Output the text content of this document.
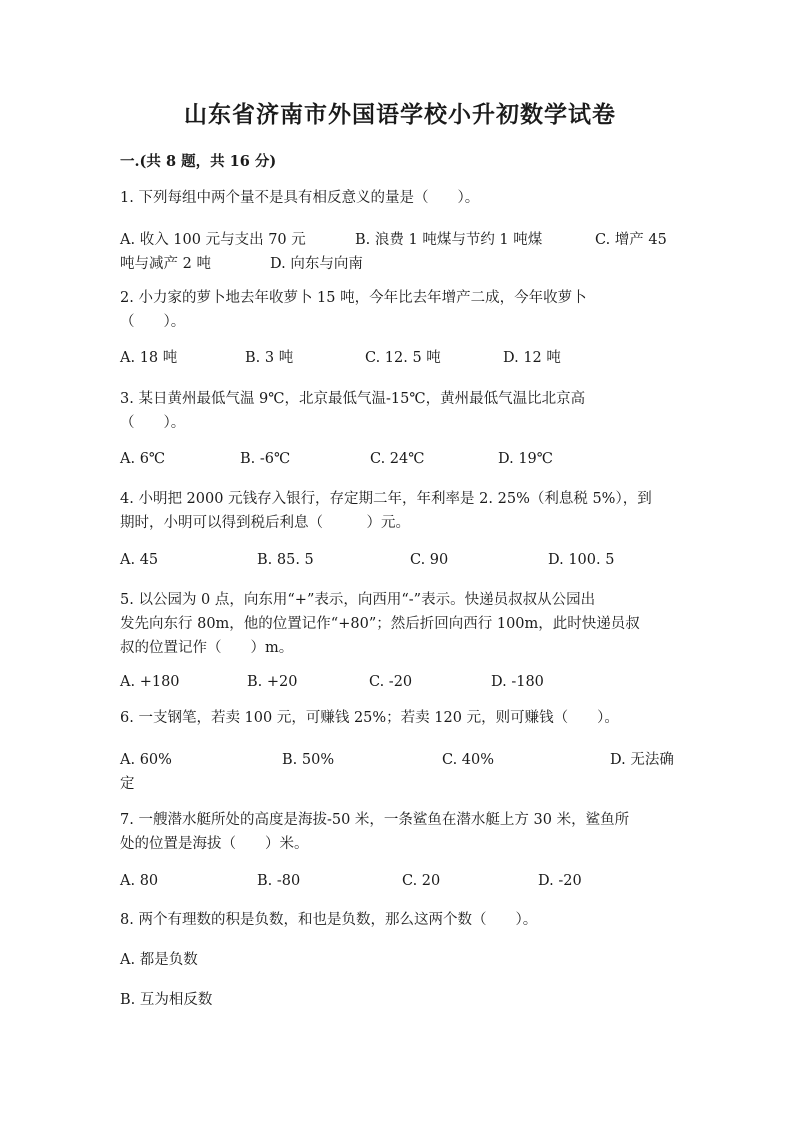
山东省济南市外国语学校小升初数学试卷
一.(共 8 题，共 16 分)
1. 下列每组中两个量不是具有相反意义的量是（　　）。
A. 收入 100 元与支出 70 元	B. 浪费 1 吨煤与节约 1 吨煤	C. 增产 45
吨与减产 2 吨	D. 向东与向南
2. 小力家的萝卜地去年收萝卜 15 吨，今年比去年增产二成，今年收萝卜
（　　）。
A. 18 吨	B. 3 吨	C. 12. 5 吨	D. 12 吨
3. 某日黄州最低气温 9℃，北京最低气温-15℃，黄州最低气温比北京高
（　　）。
A. 6℃	B. -6℃	C. 24℃	D. 19℃
4. 小明把 2000 元钱存入银行，存定期二年，年利率是 2. 25%（利息税 5%），到
期时，小明可以得到税后利息（　　　）元。
A. 45	B. 85. 5	C. 90	D. 100. 5
5. 以公园为 0 点，向东用“+”表示，向西用“-”表示。快递员叔叔从公园出
发先向东行 80m，他的位置记作“+80”；然后折回向西行 100m，此时快递员叔
叔的位置记作（　　）m。
A. +180	B. +20	C. -20	D. -180
6. 一支钢笔，若卖 100 元，可赚钱 25%；若卖 120 元，则可赚钱（　　）。
A. 60%	B. 50%	C. 40%	D. 无法确
定
7. 一艘潜水艇所处的高度是海拔-50 米，一条鲨鱼在潜水艇上方 30 米，鲨鱼所
处的位置是海拔（　　）米。
A. 80	B. -80	C. 20	D. -20
8. 两个有理数的积是负数，和也是负数，那么这两个数（　　）。
A. 都是负数
B. 互为相反数
